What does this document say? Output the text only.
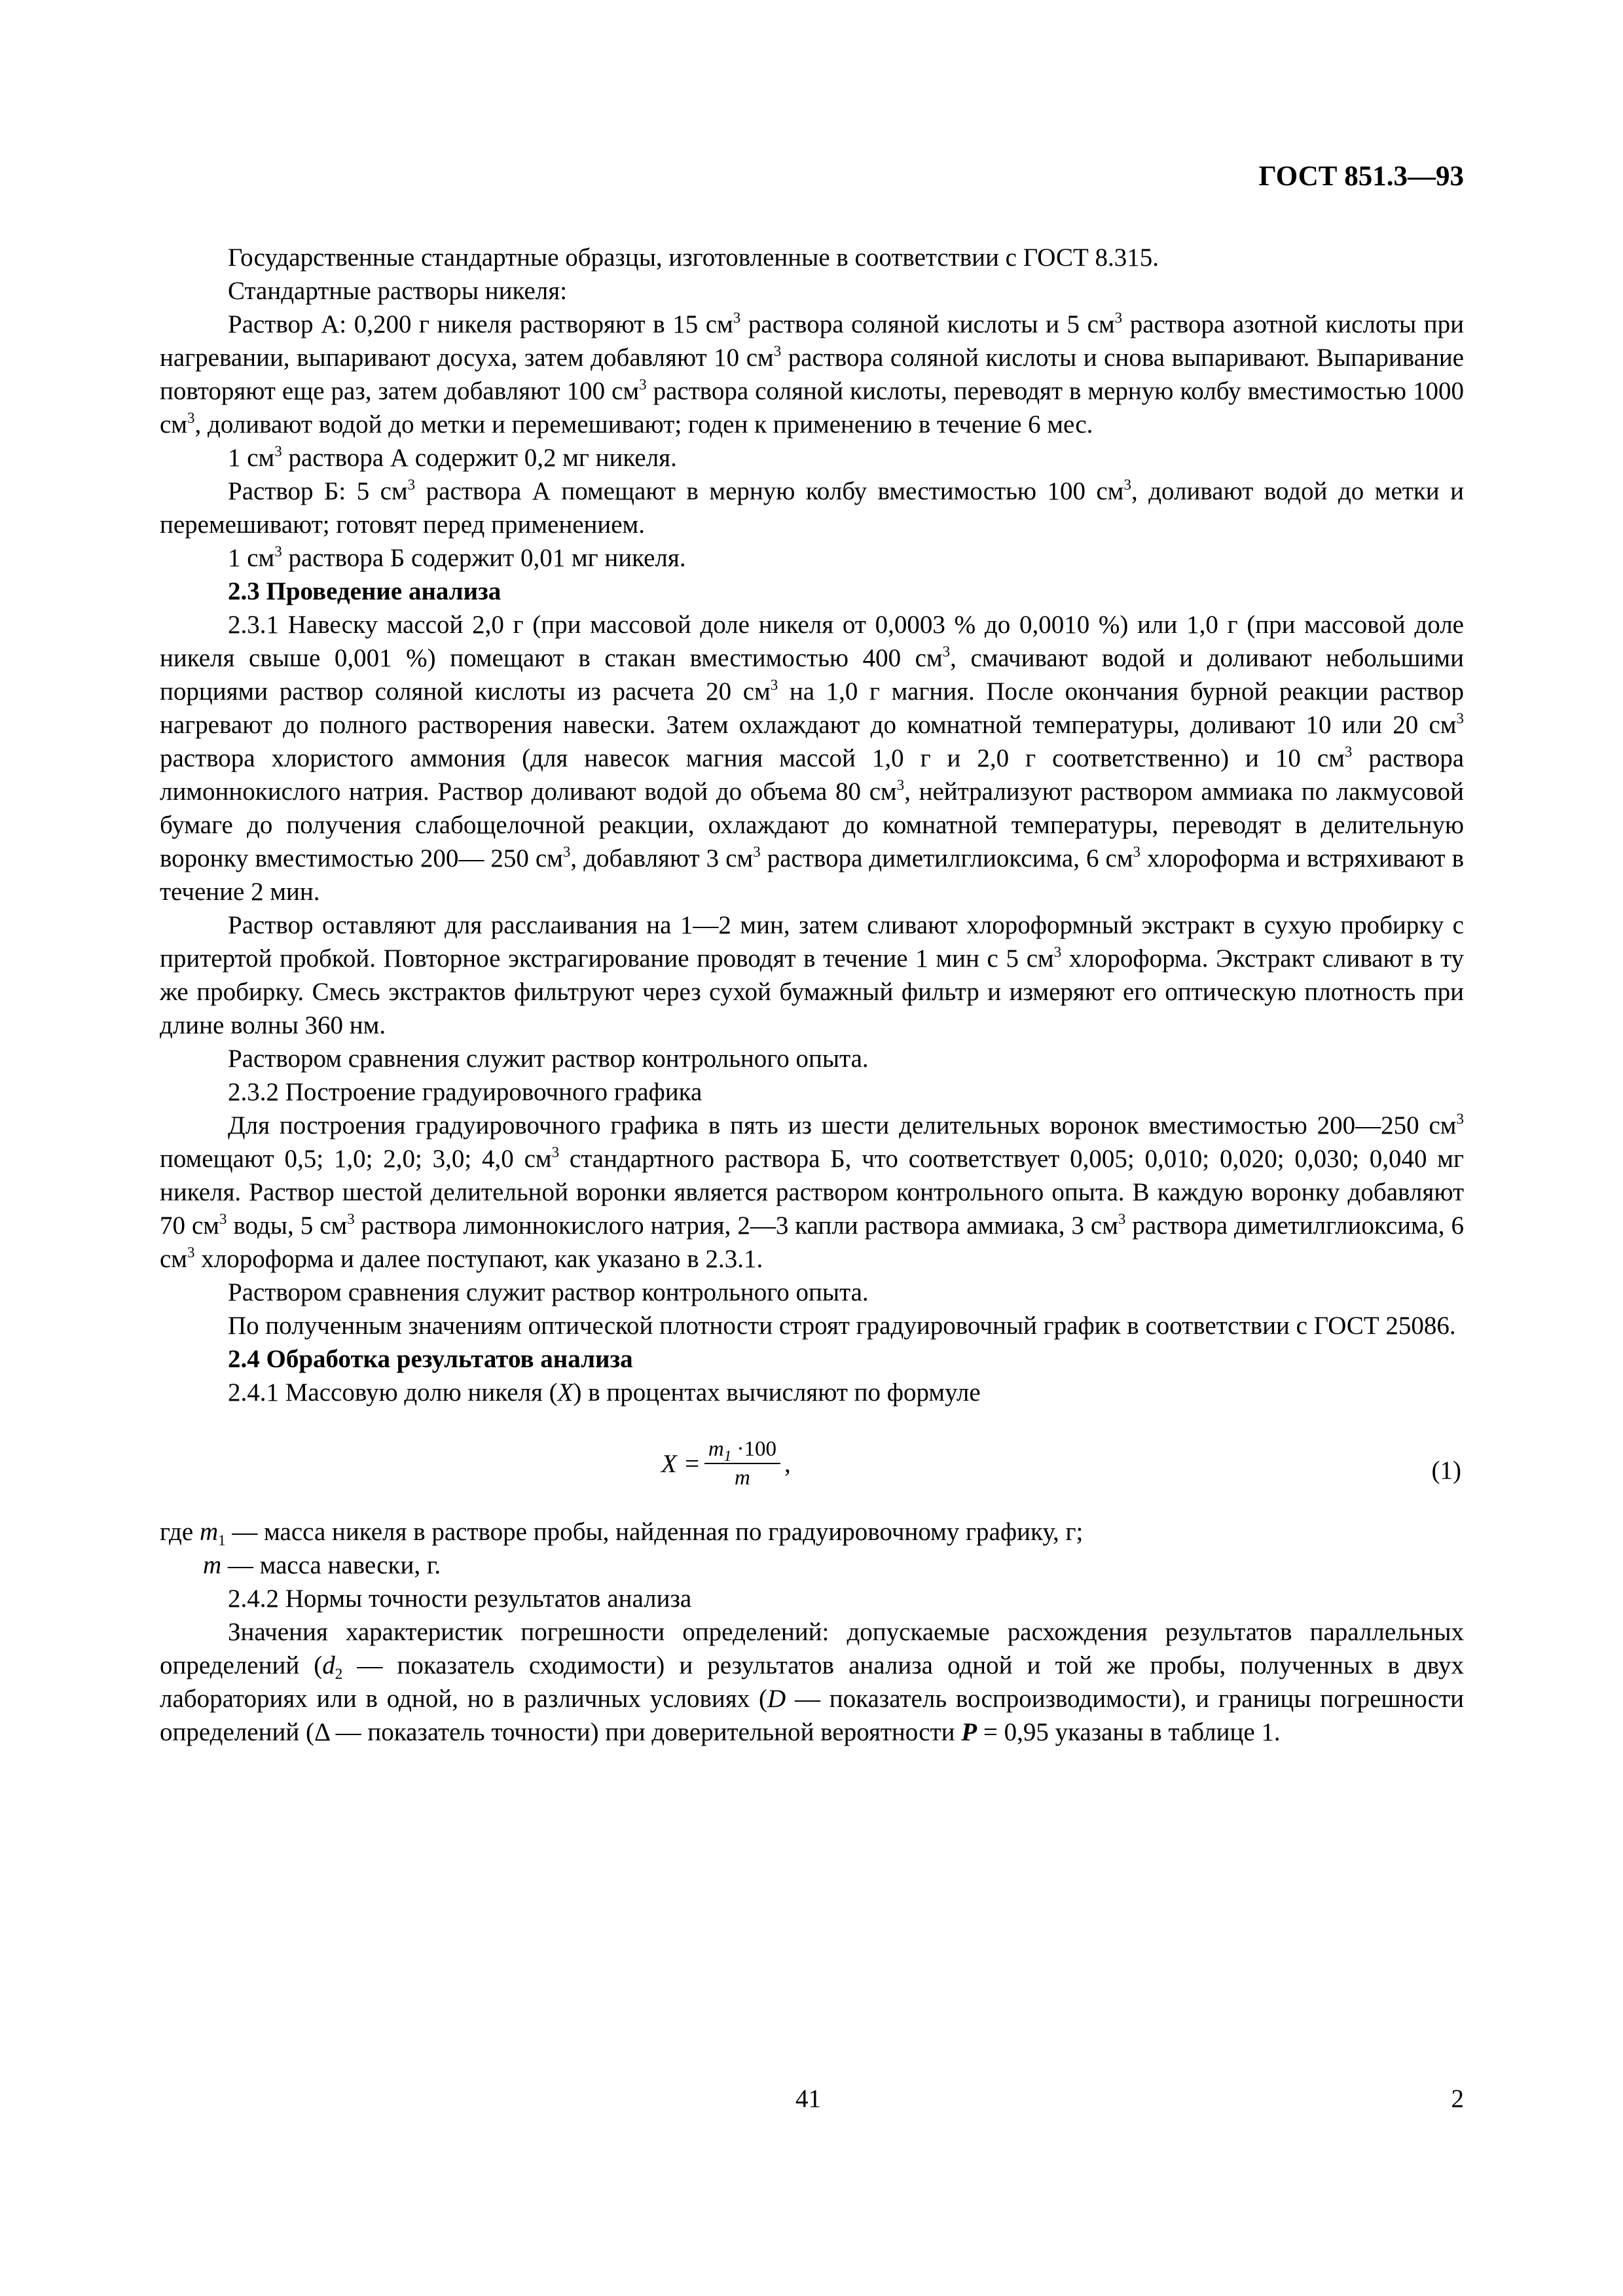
ГОСТ 851.3—93

Государственные стандартные образцы, изготовленные в соответствии с ГОСТ 8.315.

Стандартные растворы никеля:

Раствор А: 0,200 г никеля растворяют в 15 $см^3$ раствора соляной кислоты и 5 $см^3$ раствора азотной кислоты при нагревании, выпаривают досуха, затем добавляют 10 $см^3$ раствора соляной кислоты и снова выпаривают. Выпаривание повторяют еще раз, затем добавляют 100 $см^3$ раствора соляной кислоты, переводят в мерную колбу вместимостью 1000 $см^3$, доливают водой до метки и перемешивают; годен к применению в течение 6 мес.

1 $см^3$ раствора А содержит 0,2 мг никеля.

Раствор Б: 5 $см^3$ раствора А помещают в мерную колбу вместимостью 100 $см^3$, доливают водой до метки и перемешивают; готовят перед применением.

1 $см^3$ раствора Б содержит 0,01 мг никеля.

2.3 Проведение анализа

2.3.1 Навеску массой 2,0 г (при массовой доле никеля от 0,0003 % до 0,0010 %) или 1,0 г (при массовой доле никеля свыше 0,001 %) помещают в стакан вместимостью 400 $см^3$, смачивают водой и доливают небольшими порциями раствор соляной кислоты из расчета 20 $см^3$ на 1,0 г магния. После окончания бурной реакции раствор нагревают до полного растворения навески. Затем охлаждают до комнатной температуры, доливают 10 или 20 $см^3$ раствора хлористого аммония (для навесок магния массой 1,0 г и 2,0 г соответственно) и 10 $см^3$ раствора лимоннокислого натрия. Раствор доливают водой до объема 80 $см^3$, нейтрализуют раствором аммиака по лакмусовой бумаге до получения слабощелочной реакции, охлаждают до комнатной температуры, переводят в делительную воронку вместимостью 200— 250 $см^3$, добавляют 3 $см^3$ раствора диметилглиоксима, 6 $см^3$ хлороформа и встряхивают в течение 2 мин.

Раствор оставляют для расслаивания на 1—2 мин, затем сливают хлороформный экстракт в сухую пробирку с притертой пробкой. Повторное экстрагирование проводят в течение 1 мин с 5 $см^3$ хлороформа. Экстракт сливают в ту же пробирку. Смесь экстрактов фильтруют через сухой бумажный фильтр и измеряют его оптическую плотность при длине волны 360 нм.

Раствором сравнения служит раствор контрольного опыта.

2.3.2 Построение градуировочного графика

Для построения градуировочного графика в пять из шести делительных воронок вместимостью 200—250 $см^3$ помещают 0,5; 1,0; 2,0; 3,0; 4,0 $см^3$ стандартного раствора Б, что соответствует 0,005; 0,010; 0,020; 0,030; 0,040 мг никеля. Раствор шестой делительной воронки является раствором контрольного опыта. В каждую воронку добавляют 70 $см^3$ воды, 5 $см^3$ раствора лимоннокислого натрия, 2—3 капли раствора аммиака, 3 $см^3$ раствора диметилглиоксима, 6 $см^3$ хлороформа и далее поступают, как указано в 2.3.1.

Раствором сравнения служит раствор контрольного опыта.

По полученным значениям оптической плотности строят градуировочный график в соответствии с ГОСТ 25086.

2.4 Обработка результатов анализа

2.4.1 Массовую долю никеля (X) в процентах вычисляют по формуле

$X = \frac{m_1 \cdot 100}{m}$ ,	(1)
где $m_1$ — масса никеля в растворе пробы, найденная по градуировочному графику, г;
m — масса навески, г.

2.4.2 Нормы точности результатов анализа

Значения характеристик погрешности определений: допускаемые расхождения результатов параллельных определений ($d_2$ — показатель сходимости) и результатов анализа одной и той же пробы, полученных в двух лабораториях или в одной, но в различных условиях (D — показатель воспроизводимости), и границы погрешности определений (Δ — показатель точности) при доверительной вероятности P = 0,95 указаны в таблице 1.

41	2
